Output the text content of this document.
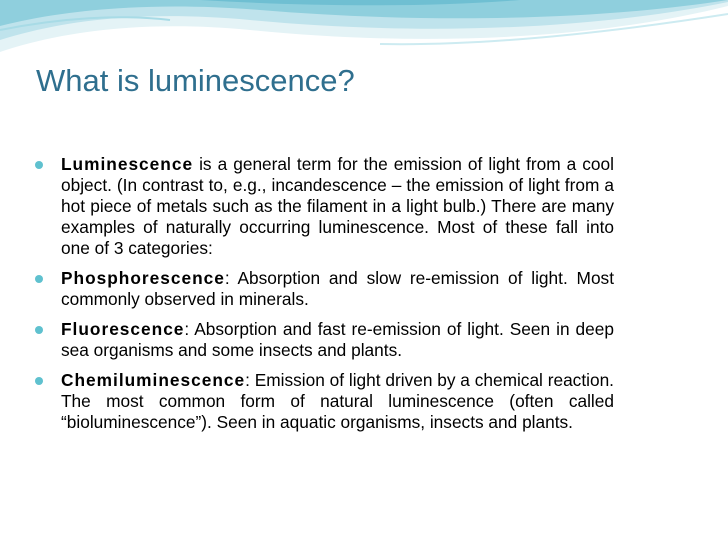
What is luminescence?
Luminescence is a general term for the emission of light from a cool object. (In contrast to, e.g., incandescence – the emission of light from a hot piece of metals such as the filament in a light bulb.) There are many examples of naturally occurring luminescence. Most of these fall into one of 3 categories:
Phosphorescence: Absorption and slow re-emission of light. Most commonly observed in minerals.
Fluorescence: Absorption and fast re-emission of light. Seen in deep sea organisms and some insects and plants.
Chemiluminescence: Emission of light driven by a chemical reaction. The most common form of natural luminescence (often called “bioluminescence”). Seen in aquatic organisms, insects and plants.
